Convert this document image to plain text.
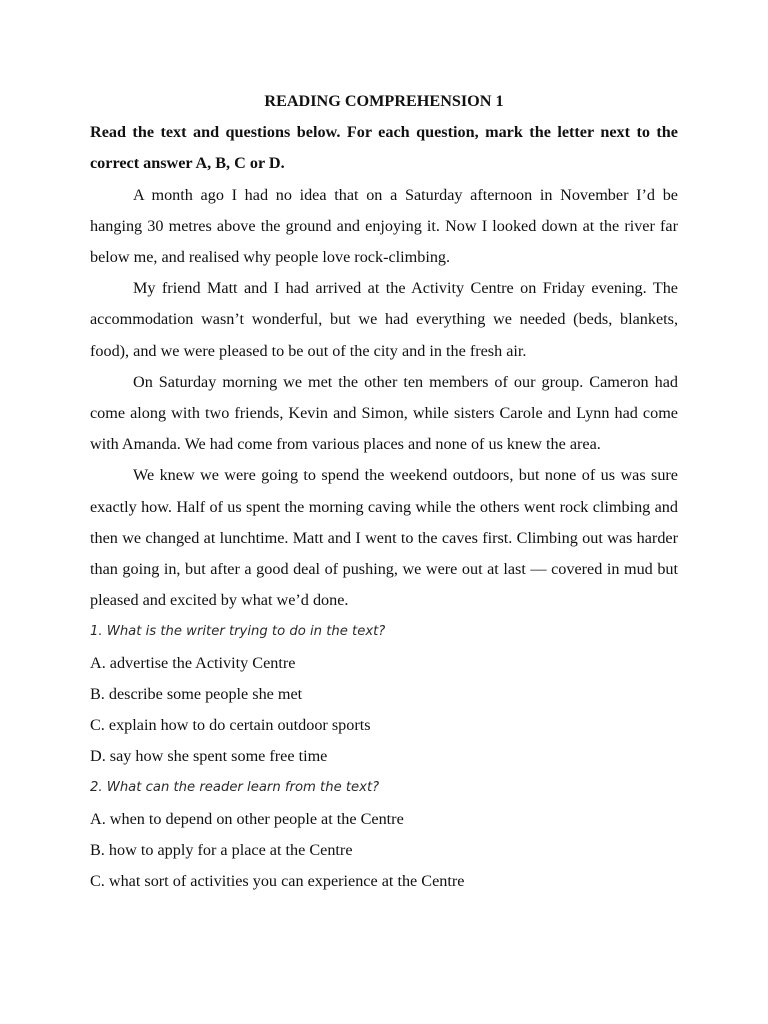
READING COMPREHENSION 1

Read the text and questions below. For each question, mark the letter next to the correct answer A, B, C or D.

A month ago I had no idea that on a Saturday afternoon in November I’d be hanging 30 metres above the ground and enjoying it. Now I looked down at the river far below me, and realised why people love rock-climbing.

My friend Matt and I had arrived at the Activity Centre on Friday evening. The accommodation wasn’t wonderful, but we had everything we needed (beds, blankets, food), and we were pleased to be out of the city and in the fresh air.

On Saturday morning we met the other ten members of our group. Cameron had come along with two friends, Kevin and Simon, while sisters Carole and Lynn had come with Amanda. We had come from various places and none of us knew the area.

We knew we were going to spend the weekend outdoors, but none of us was sure exactly how. Half of us spent the morning caving while the others went rock climbing and then we changed at lunchtime. Matt and I went to the caves first. Climbing out was harder than going in, but after a good deal of pushing, we were out at last — covered in mud but pleased and excited by what we’d done.

1. What is the writer trying to do in the text?

A. advertise the Activity Centre

B. describe some people she met

C. explain how to do certain outdoor sports

D. say how she spent some free time

2. What can the reader learn from the text?

A. when to depend on other people at the Centre

B. how to apply for a place at the Centre

C. what sort of activities you can experience at the Centre
